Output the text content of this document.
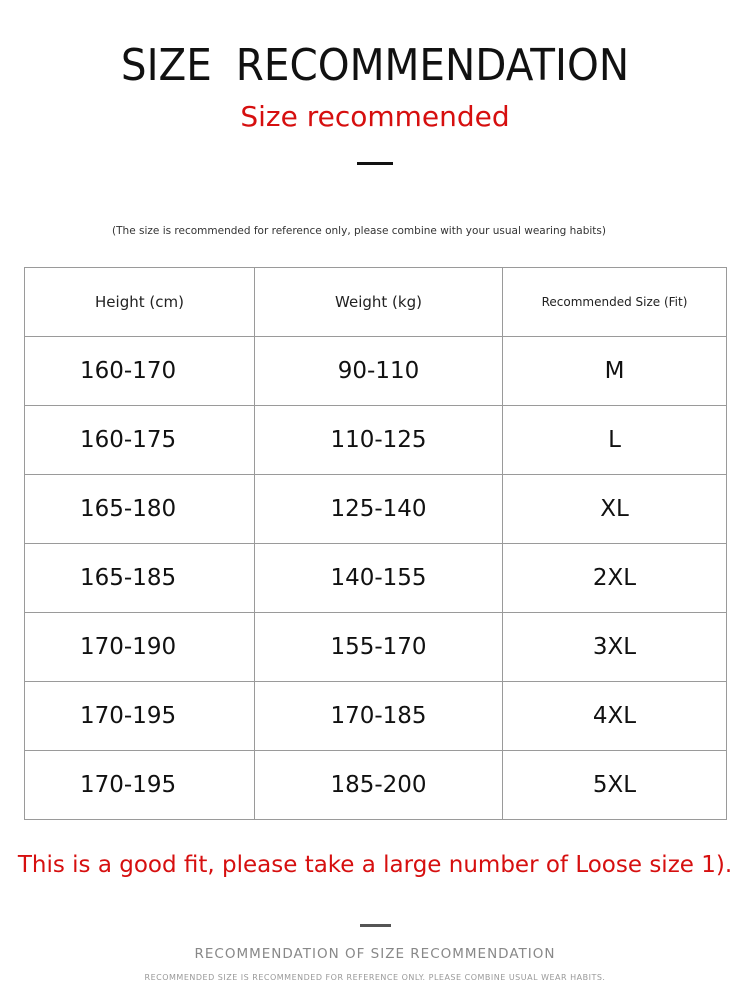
SIZE RECOMMENDATION
Size recommended
(The size is recommended for reference only, please combine with your usual wearing habits)
Height (cm)	Weight (kg)	Recommended Size (Fit)
160-170	90-110	M
160-175	110-125	L
165-180	125-140	XL
165-185	140-155	2XL
170-190	155-170	3XL
170-195	170-185	4XL
170-195	185-200	5XL
This is a good fit, please take a large number of Loose size 1).
RECOMMENDATION OF SIZE RECOMMENDATION
RECOMMENDED SIZE IS RECOMMENDED FOR REFERENCE ONLY. PLEASE COMBINE USUAL WEAR HABITS.
